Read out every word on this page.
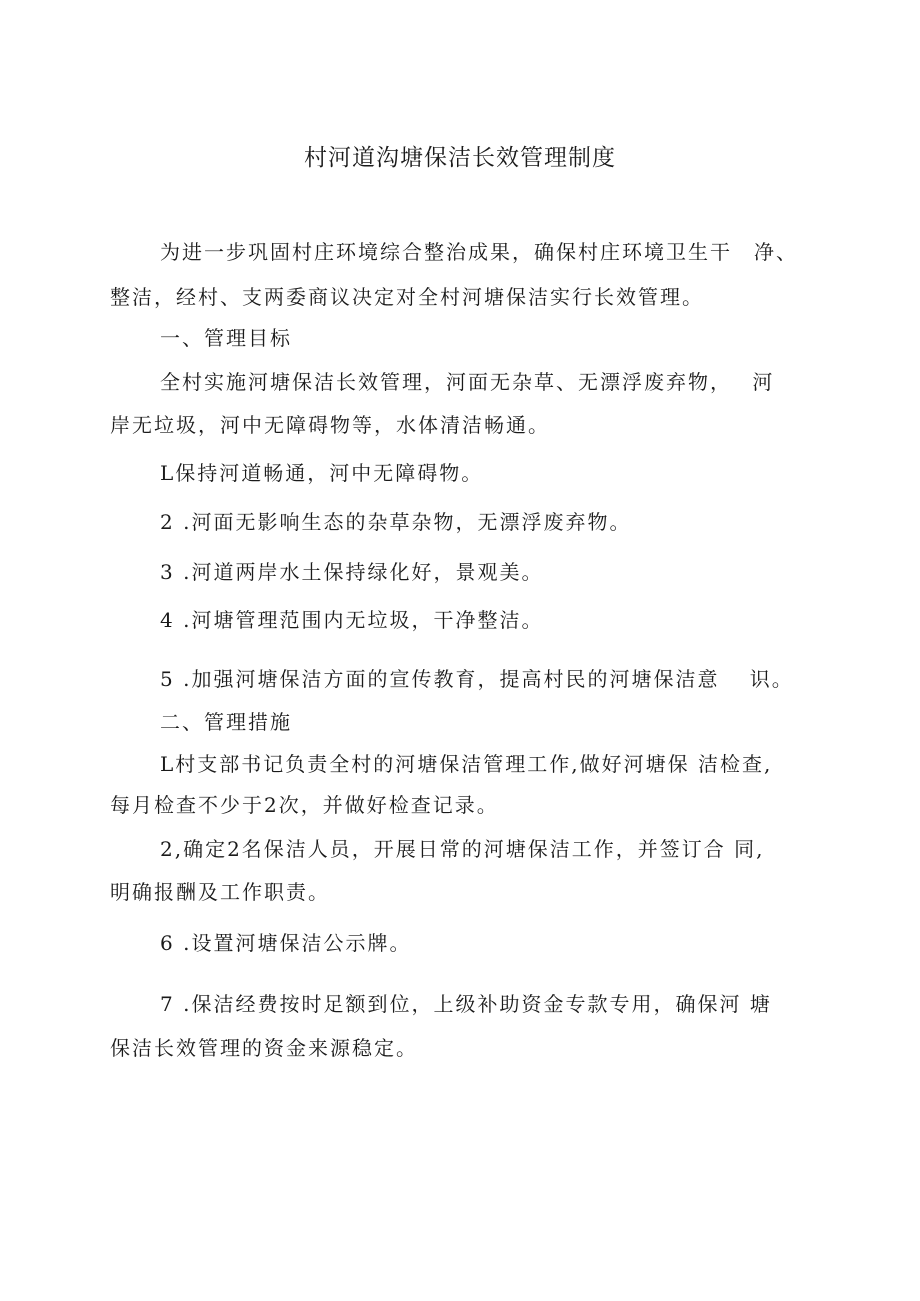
村河道沟塘保洁长效管理制度
为进一步巩固村庄环境综合整治成果，确保村庄环境卫生干　净、
整洁，经村、支两委商议决定对全村河塘保洁实行长效管理。
一、管理目标
全村实施河塘保洁长效管理，河面无杂草、无漂浮废弃物，　 河
岸无垃圾，河中无障碍物等，水体清洁畅通。
L保持河道畅通，河中无障碍物。
2 .河面无影响生态的杂草杂物，无漂浮废弃物。
3 .河道两岸水土保持绿化好，景观美。
4 .河塘管理范围内无垃圾，干净整洁。
5 .加强河塘保洁方面的宣传教育，提高村民的河塘保洁意　 识。
二、管理措施
L村支部书记负责全村的河塘保洁管理工作,做好河塘保 洁检查,
每月检查不少于2次，并做好检查记录。
2,确定2名保洁人员，开展日常的河塘保洁工作，并签订合 同,
明确报酬及工作职责。
6 .设置河塘保洁公示牌。
7 .保洁经费按时足额到位，上级补助资金专款专用，确保河 塘
保洁长效管理的资金来源稳定。
